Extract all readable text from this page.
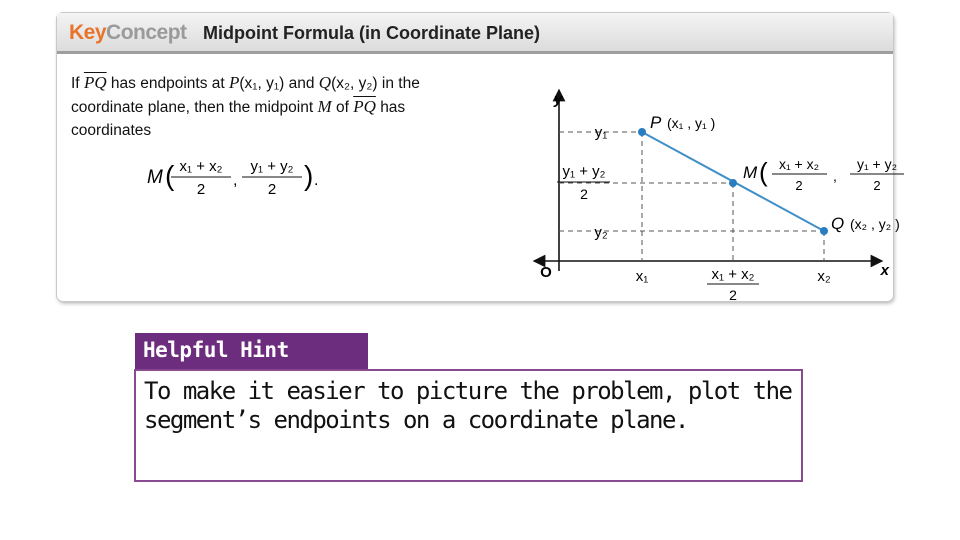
KeyConcept Midpoint Formula (in Coordinate Plane)
If $\overline{PQ}$ has endpoints at P(x₁, y₁) and Q(x₂, y₂) in the coordinate plane, then the midpoint M of $\overline{PQ}$ has coordinates
M ( x₁ + x₂
2
,
y₁ + y₂
2 ) .
y
x
O
y₁
y₁ + y₂
2
y₂
x₁	x₁ + x₂
2
x₂
P (x₁ , y₁ )
Q (x₂ , y₂ )
M ( x₁ + x₂
2
,
y₁ + y₂
2
Helpful Hint
To make it easier to picture the problem, plot the segment’s endpoints on a coordinate plane.
